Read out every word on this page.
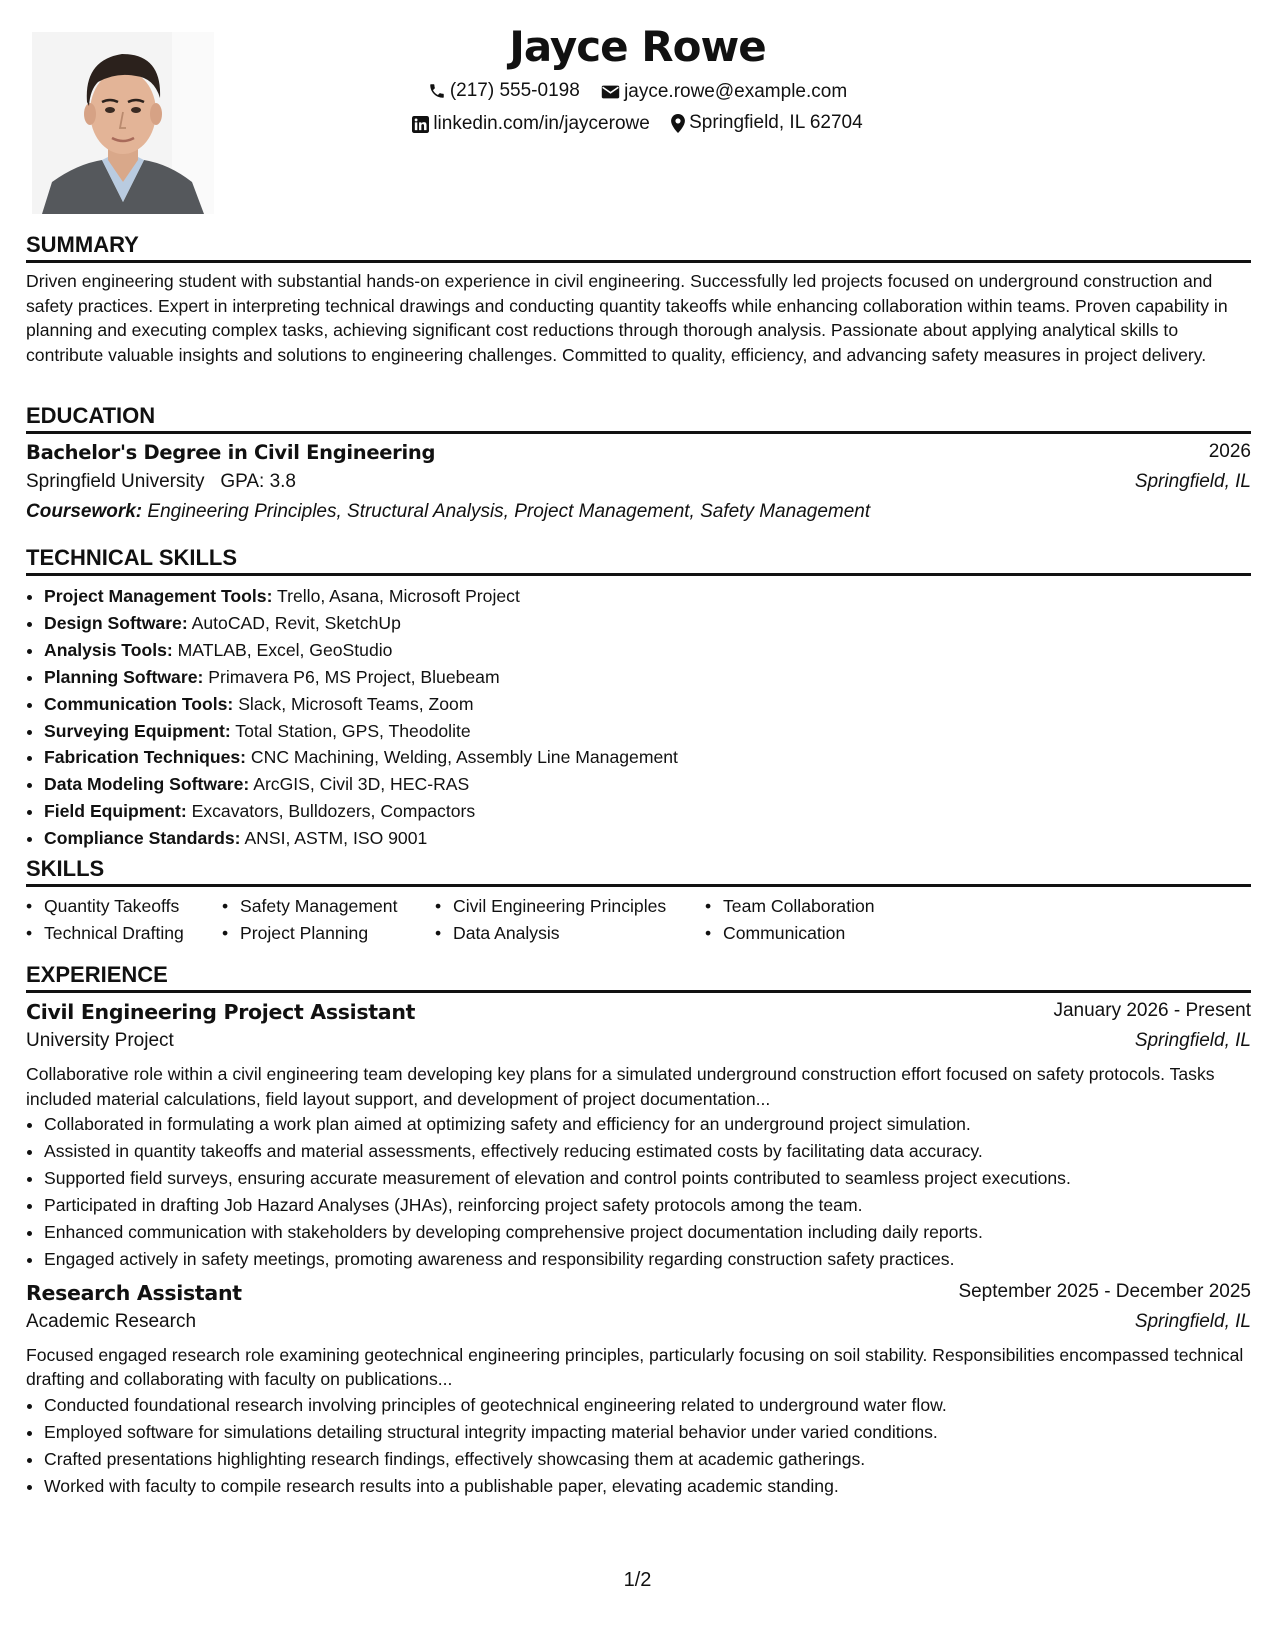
Jayce Rowe
(217) 555-0198
jayce.rowe@example.com
linkedin.com/in/jaycerowe
Springfield, IL 62704
SUMMARY
Driven engineering student with substantial hands-on experience in civil engineering. Successfully led projects focused on underground construction and safety practices. Expert in interpreting technical drawings and conducting quantity takeoffs while enhancing collaboration within teams. Proven capability in planning and executing complex tasks, achieving significant cost reductions through thorough analysis. Passionate about applying analytical skills to contribute valuable insights and solutions to engineering challenges. Committed to quality, efficiency, and advancing safety measures in project delivery.
EDUCATION
Bachelor's Degree in Civil Engineering	2026
Springfield University GPA: 3.8	Springfield, IL
Coursework: Engineering Principles, Structural Analysis, Project Management, Safety Management
TECHNICAL SKILLS
• Project Management Tools: Trello, Asana, Microsoft Project
• Design Software: AutoCAD, Revit, SketchUp
• Analysis Tools: MATLAB, Excel, GeoStudio
• Planning Software: Primavera P6, MS Project, Bluebeam
• Communication Tools: Slack, Microsoft Teams, Zoom
• Surveying Equipment: Total Station, GPS, Theodolite
• Fabrication Techniques: CNC Machining, Welding, Assembly Line Management
• Data Modeling Software: ArcGIS, Civil 3D, HEC-RAS
• Field Equipment: Excavators, Bulldozers, Compactors
• Compliance Standards: ANSI, ASTM, ISO 9001
SKILLS
• Quantity Takeoffs	• Safety Management	• Civil Engineering Principles	• Team Collaboration
• Technical Drafting	• Project Planning	• Data Analysis	• Communication
EXPERIENCE
Civil Engineering Project Assistant	January 2026 - Present
University Project	Springfield, IL
Collaborative role within a civil engineering team developing key plans for a simulated underground construction effort focused on safety protocols. Tasks included material calculations, field layout support, and development of project documentation...
• Collaborated in formulating a work plan aimed at optimizing safety and efficiency for an underground project simulation.
• Assisted in quantity takeoffs and material assessments, effectively reducing estimated costs by facilitating data accuracy.
• Supported field surveys, ensuring accurate measurement of elevation and control points contributed to seamless project executions.
• Participated in drafting Job Hazard Analyses (JHAs), reinforcing project safety protocols among the team.
• Enhanced communication with stakeholders by developing comprehensive project documentation including daily reports.
• Engaged actively in safety meetings, promoting awareness and responsibility regarding construction safety practices.
Research Assistant	September 2025 - December 2025
Academic Research	Springfield, IL
Focused engaged research role examining geotechnical engineering principles, particularly focusing on soil stability. Responsibilities encompassed technical drafting and collaborating with faculty on publications...
• Conducted foundational research involving principles of geotechnical engineering related to underground water flow.
• Employed software for simulations detailing structural integrity impacting material behavior under varied conditions.
• Crafted presentations highlighting research findings, effectively showcasing them at academic gatherings.
• Worked with faculty to compile research results into a publishable paper, elevating academic standing.
1/2
